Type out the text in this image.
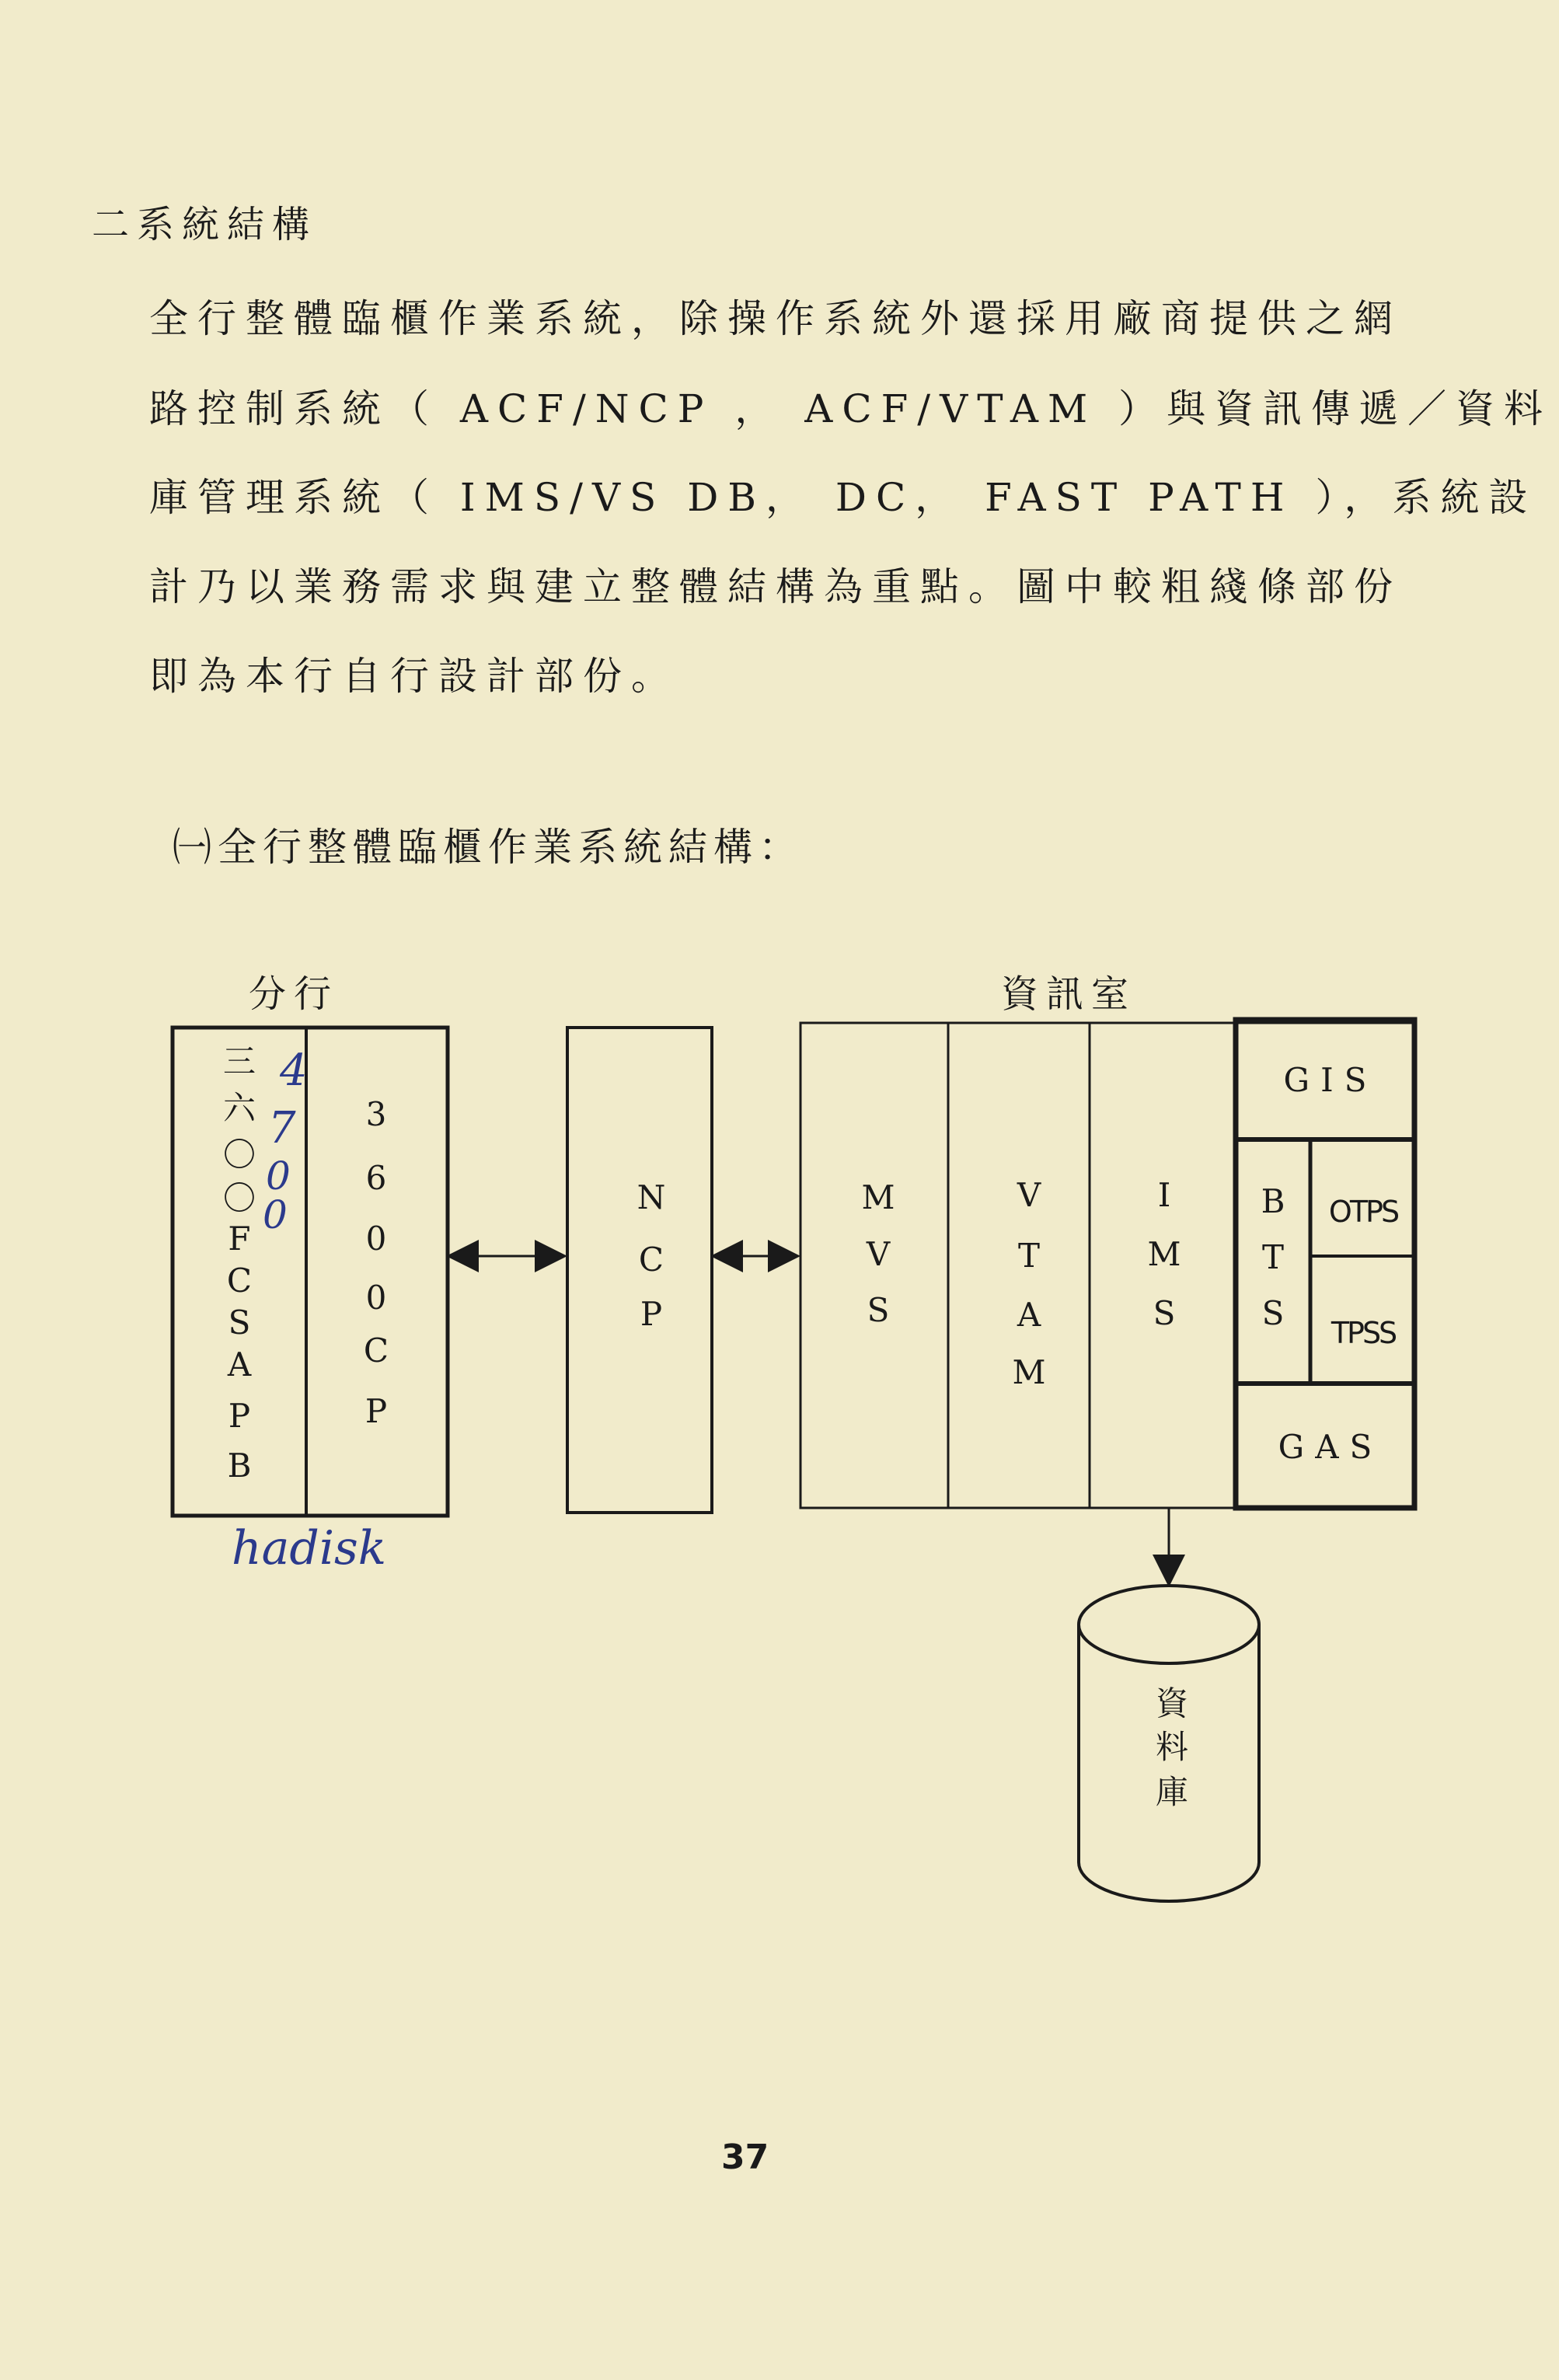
二系統結構
全行整體臨櫃作業系統，除操作系統外還採用廠商提供之網
路控制系統（ ACF/NCP ， ACF/VTAM ）與資訊傳遞／資料
庫管理系統（ IMS/VS DB， DC， FAST PATH ），系統設
計乃以業務需求與建立整體結構為重點。圖中較粗綫條部份
即為本行自行設計部份。
㈠全行整體臨櫃作業系統結構：
分行	資訊室
三
六
〇
〇
F
C
S
A
P
B
4
7
0
0
3
6
0
0
C
P
hadisk
N
C
P
M
V
S
V
T
A
M
I
M
S
GIS
B
T
S
OTPS
TPSS
GAS
資
料
庫
37
